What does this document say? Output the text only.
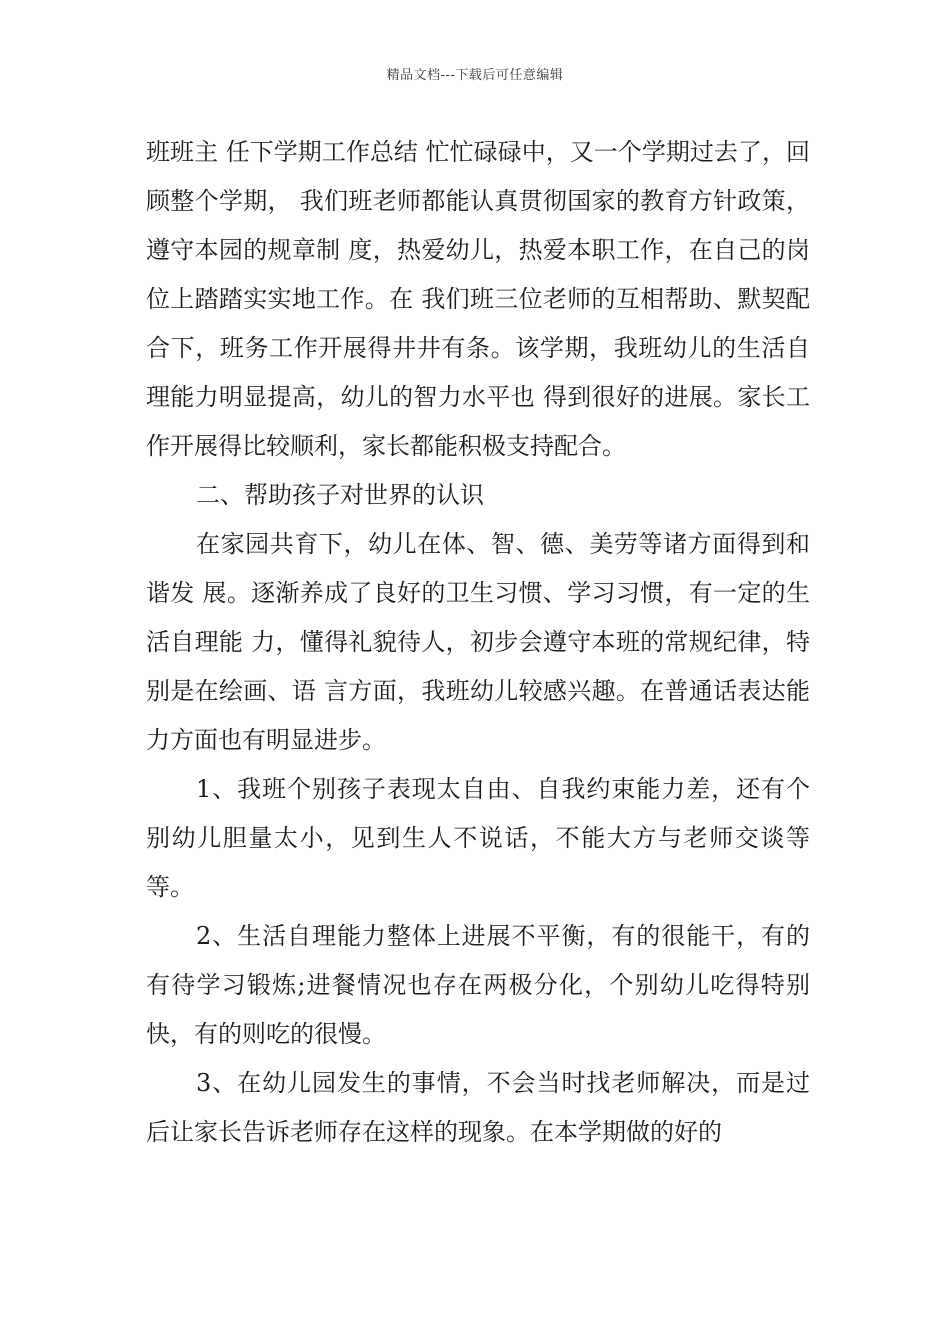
精品文档---下载后可任意编辑

班班主 任下学期工作总结 忙忙碌碌中，又一个学期过去了，回顾整个学期， 我们班老师都能认真贯彻国家的教育方针政策，遵守本园的规章制 度，热爱幼儿，热爱本职工作，在自己的岗位上踏踏实实地工作。在 我们班三位老师的互相帮助、默契配合下，班务工作开展得井井有条。该学期，我班幼儿的生活自理能力明显提高，幼儿的智力水平也 得到很好的进展。家长工作开展得比较顺利，家长都能积极支持配合。

二、帮助孩子对世界的认识

在家园共育下，幼儿在体、智、德、美劳等诸方面得到和谐发 展。逐渐养成了良好的卫生习惯、学习习惯，有一定的生活自理能 力，懂得礼貌待人，初步会遵守本班的常规纪律，特别是在绘画、语 言方面，我班幼儿较感兴趣。在普通话表达能力方面也有明显进步。

1、我班个别孩子表现太自由、自我约束能力差，还有个别幼儿胆量太小，见到生人不说话，不能大方与老师交谈等等。

2、生活自理能力整体上进展不平衡，有的很能干，有的有待学习锻炼;进餐情况也存在两极分化，个别幼儿吃得特别快，有的则吃的很慢。

3、在幼儿园发生的事情，不会当时找老师解决，而是过后让家长告诉老师存在这样的现象。在本学期做的好的
